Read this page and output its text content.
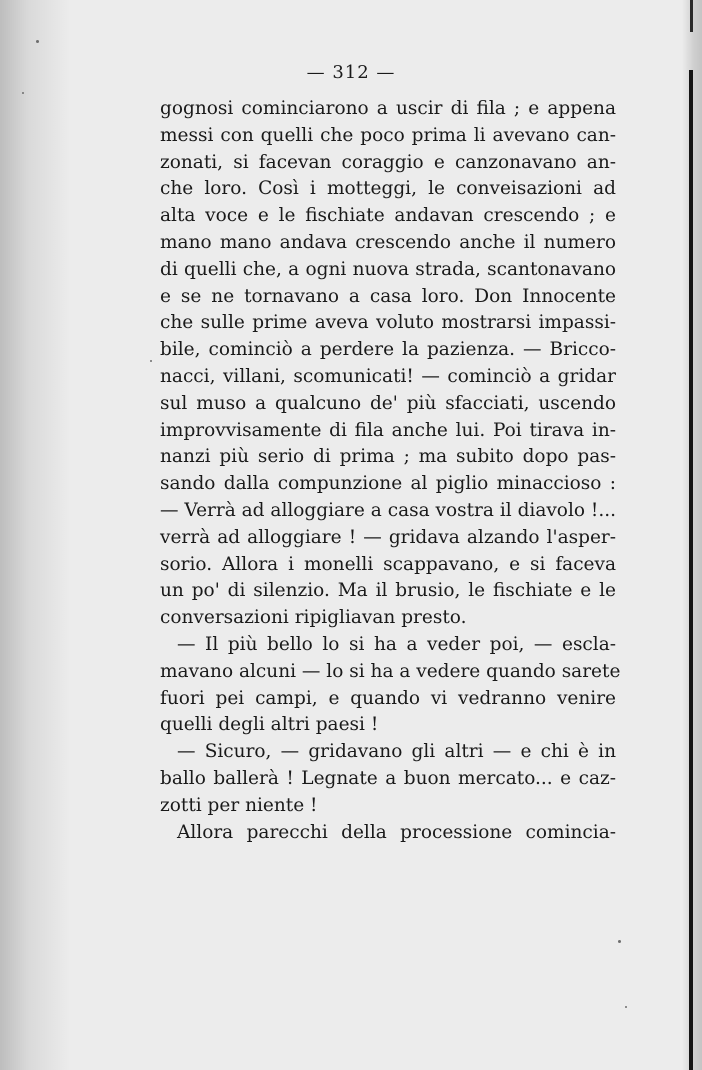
— 312 —
gognosi cominciarono a uscir di fila ; e appena
messi con quelli che poco prima li avevano can-
zonati, si facevan coraggio e canzonavano an-
che loro. Così i motteggi, le conveisazioni ad
alta voce e le fischiate andavan crescendo ; e
mano mano andava crescendo anche il numero
di quelli che, a ogni nuova strada, scantonavano
e se ne tornavano a casa loro. Don Innocente
che sulle prime aveva voluto mostrarsi impassi-
bile, cominciò a perdere la pazienza. — Bricco-
nacci, villani, scomunicati! — cominciò a gridar
sul muso a qualcuno de' più sfacciati, uscendo
improvvisamente di fila anche lui. Poi tirava in-
nanzi più serio di prima ; ma subito dopo pas-
sando dalla compunzione al piglio minaccioso :
— Verrà ad alloggiare a casa vostra il diavolo !...
verrà ad alloggiare ! — gridava alzando l'asper-
sorio. Allora i monelli scappavano, e si faceva
un po' di silenzio. Ma il brusio, le fischiate e le
conversazioni ripigliavan presto.
— Il più bello lo si ha a veder poi, — escla-
mavano alcuni — lo si ha a vedere quando sarete
fuori pei campi, e quando vi vedranno venire
quelli degli altri paesi !
— Sicuro, — gridavano gli altri — e chi è in
ballo ballerà ! Legnate a buon mercato... e caz-
zotti per niente !
Allora parecchi della processione comincia-
